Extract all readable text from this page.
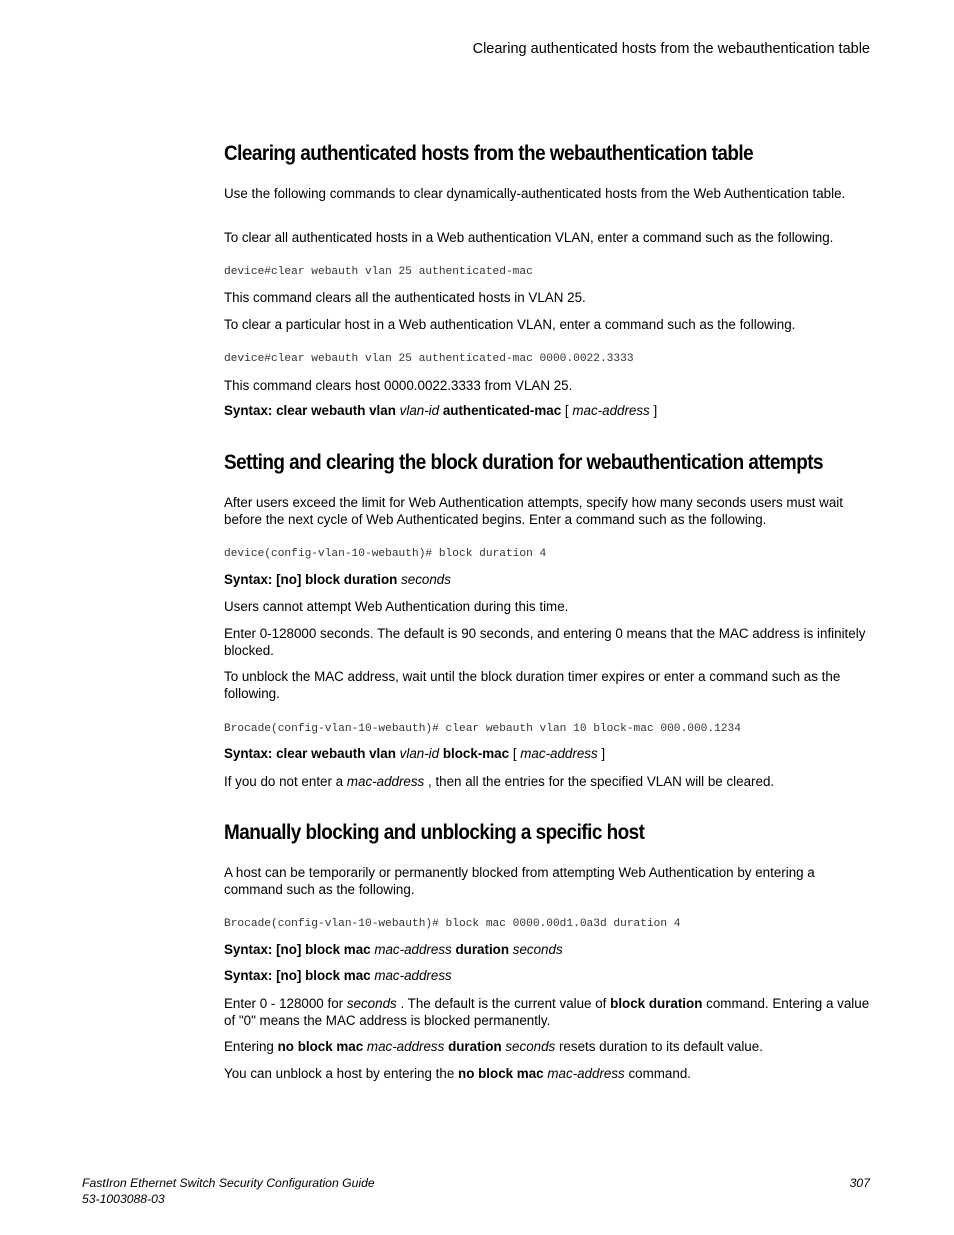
Clearing authenticated hosts from the webauthentication table
Clearing authenticated hosts from the webauthentication table

Use the following commands to clear dynamically-authenticated hosts from the Web Authentication table.

To clear all authenticated hosts in a Web authentication VLAN, enter a command such as the following.

device#clear webauth vlan 25 authenticated-mac

This command clears all the authenticated hosts in VLAN 25.

To clear a particular host in a Web authentication VLAN, enter a command such as the following.

device#clear webauth vlan 25 authenticated-mac 0000.0022.3333

This command clears host 0000.0022.3333 from VLAN 25.

Syntax: clear webauth vlan vlan-id authenticated-mac [ mac-address ]

Setting and clearing the block duration for webauthentication attempts

After users exceed the limit for Web Authentication attempts, specify how many seconds users must wait before the next cycle of Web Authenticated begins. Enter a command such as the following.

device(config-vlan-10-webauth)# block duration 4

Syntax: [no] block duration seconds

Users cannot attempt Web Authentication during this time.

Enter 0-128000 seconds. The default is 90 seconds, and entering 0 means that the MAC address is infinitely blocked.

To unblock the MAC address, wait until the block duration timer expires or enter a command such as the following.

Brocade(config-vlan-10-webauth)# clear webauth vlan 10 block-mac 000.000.1234

Syntax: clear webauth vlan vlan-id block-mac [ mac-address ]

If you do not enter a mac-address , then all the entries for the specified VLAN will be cleared.

Manually blocking and unblocking a specific host

A host can be temporarily or permanently blocked from attempting Web Authentication by entering a command such as the following.

Brocade(config-vlan-10-webauth)# block mac 0000.00d1.0a3d duration 4

Syntax: [no] block mac mac-address duration seconds

Syntax: [no] block mac mac-address

Enter 0 - 128000 for seconds . The default is the current value of block duration command. Entering a value of "0" means the MAC address is blocked permanently.

Entering no block mac mac-address duration seconds resets duration to its default value.

You can unblock a host by entering the no block mac mac-address command.

FastIron Ethernet Switch Security Configuration Guide
53-1003088-03
307
